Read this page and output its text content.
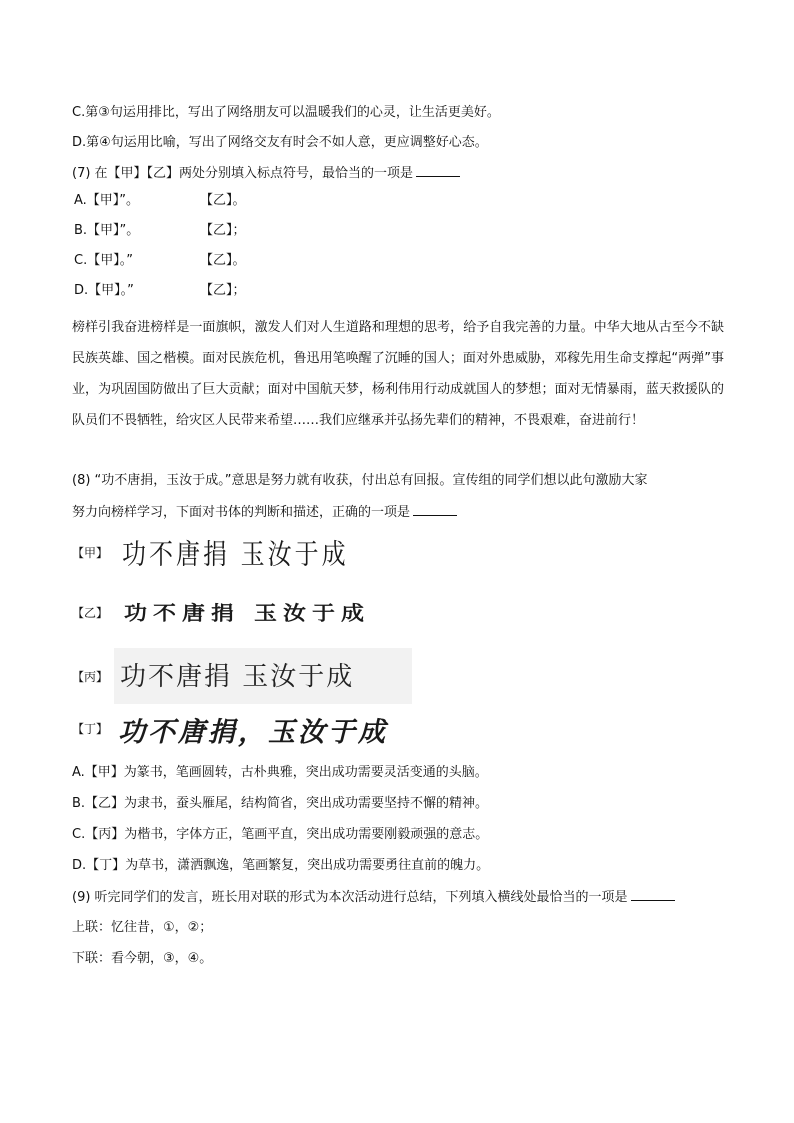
C.第③句运用排比，写出了网络朋友可以温暖我们的心灵，让生活更美好。
D.第④句运用比喻，写出了网络交友有时会不如人意，更应调整好心态。
(7) 在【甲】【乙】两处分别填入标点符号，最恰当的一项是
A.【甲】”。	【乙】。
B.【甲】”。	【乙】；
C.【甲】。”	【乙】。
D.【甲】。”	【乙】；
榜样引我奋进榜样是一面旗帜，激发人们对人生道路和理想的思考，给予自我完善的力量。中华大地从古至今不缺民族英雄、国之楷模。面对民族危机，鲁迅用笔唤醒了沉睡的国人；面对外患威胁，邓稼先用生命支撑起“两弹”事业，为巩固国防做出了巨大贡献；面对中国航天梦，杨利伟用行动成就国人的梦想；面对无情暴雨，蓝天救援队的队员们不畏牺牲，给灾区人民带来希望……我们应继承并弘扬先辈们的精神，不畏艰难，奋进前行！
(8) “功不唐捐，玉汝于成。”意思是努力就有收获，付出总有回报。宣传组的同学们想以此句激励大家
努力向榜样学习，下面对书体的判断和描述，正确的一项是
【甲】 功不唐捐 玉汝于成
【乙】 功不唐捐 玉汝于成
【丙】 功不唐捐 玉汝于成
【丁】 功不唐捐，玉汝于成
A.【甲】为篆书，笔画圆转，古朴典雅，突出成功需要灵活变通的头脑。
B.【乙】为隶书，蚕头雁尾，结构简省，突出成功需要坚持不懈的精神。
C.【丙】为楷书，字体方正，笔画平直，突出成功需要刚毅顽强的意志。
D.【丁】为草书，潇洒飘逸，笔画繁复，突出成功需要勇往直前的魄力。
(9) 听完同学们的发言，班长用对联的形式为本次活动进行总结，下列填入横线处最恰当的一项是
上联：忆往昔，①，②；
下联：看今朝，③，④。
